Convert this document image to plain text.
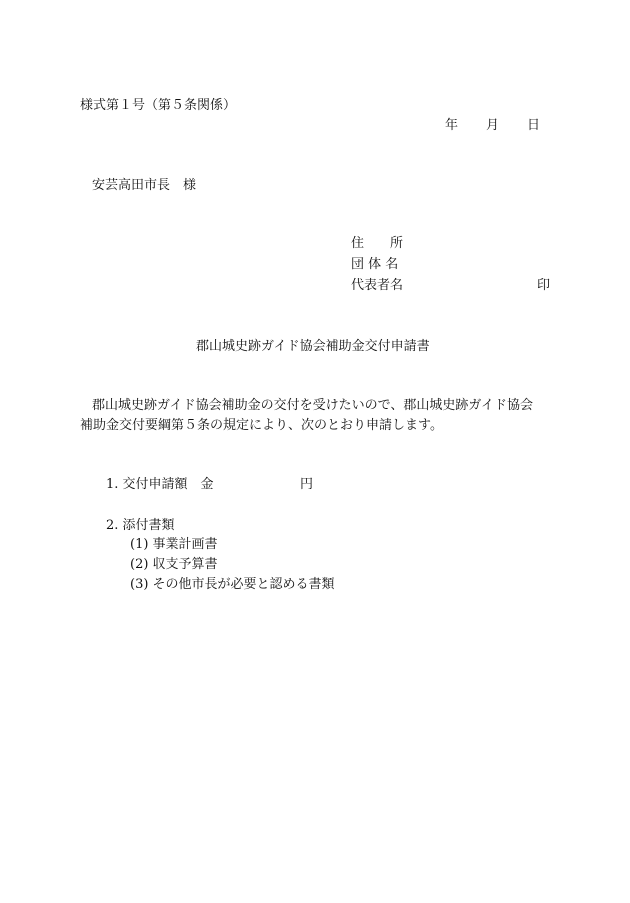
様式第１号（第５条関係）
年 月 日
安芸高田市長　様
住　　所
団 体 名
代表者名	印
郡山城史跡ガイド協会補助金交付申請書
郡山城史跡ガイド協会補助金の交付を受けたいので、郡山城史跡ガイド協会
補助金交付要綱第５条の規定により、次のとおり申請します。
1. 交付申請額　金	円
2. 添付書類
(1) 事業計画書
(2) 収支予算書
(3) その他市長が必要と認める書類
